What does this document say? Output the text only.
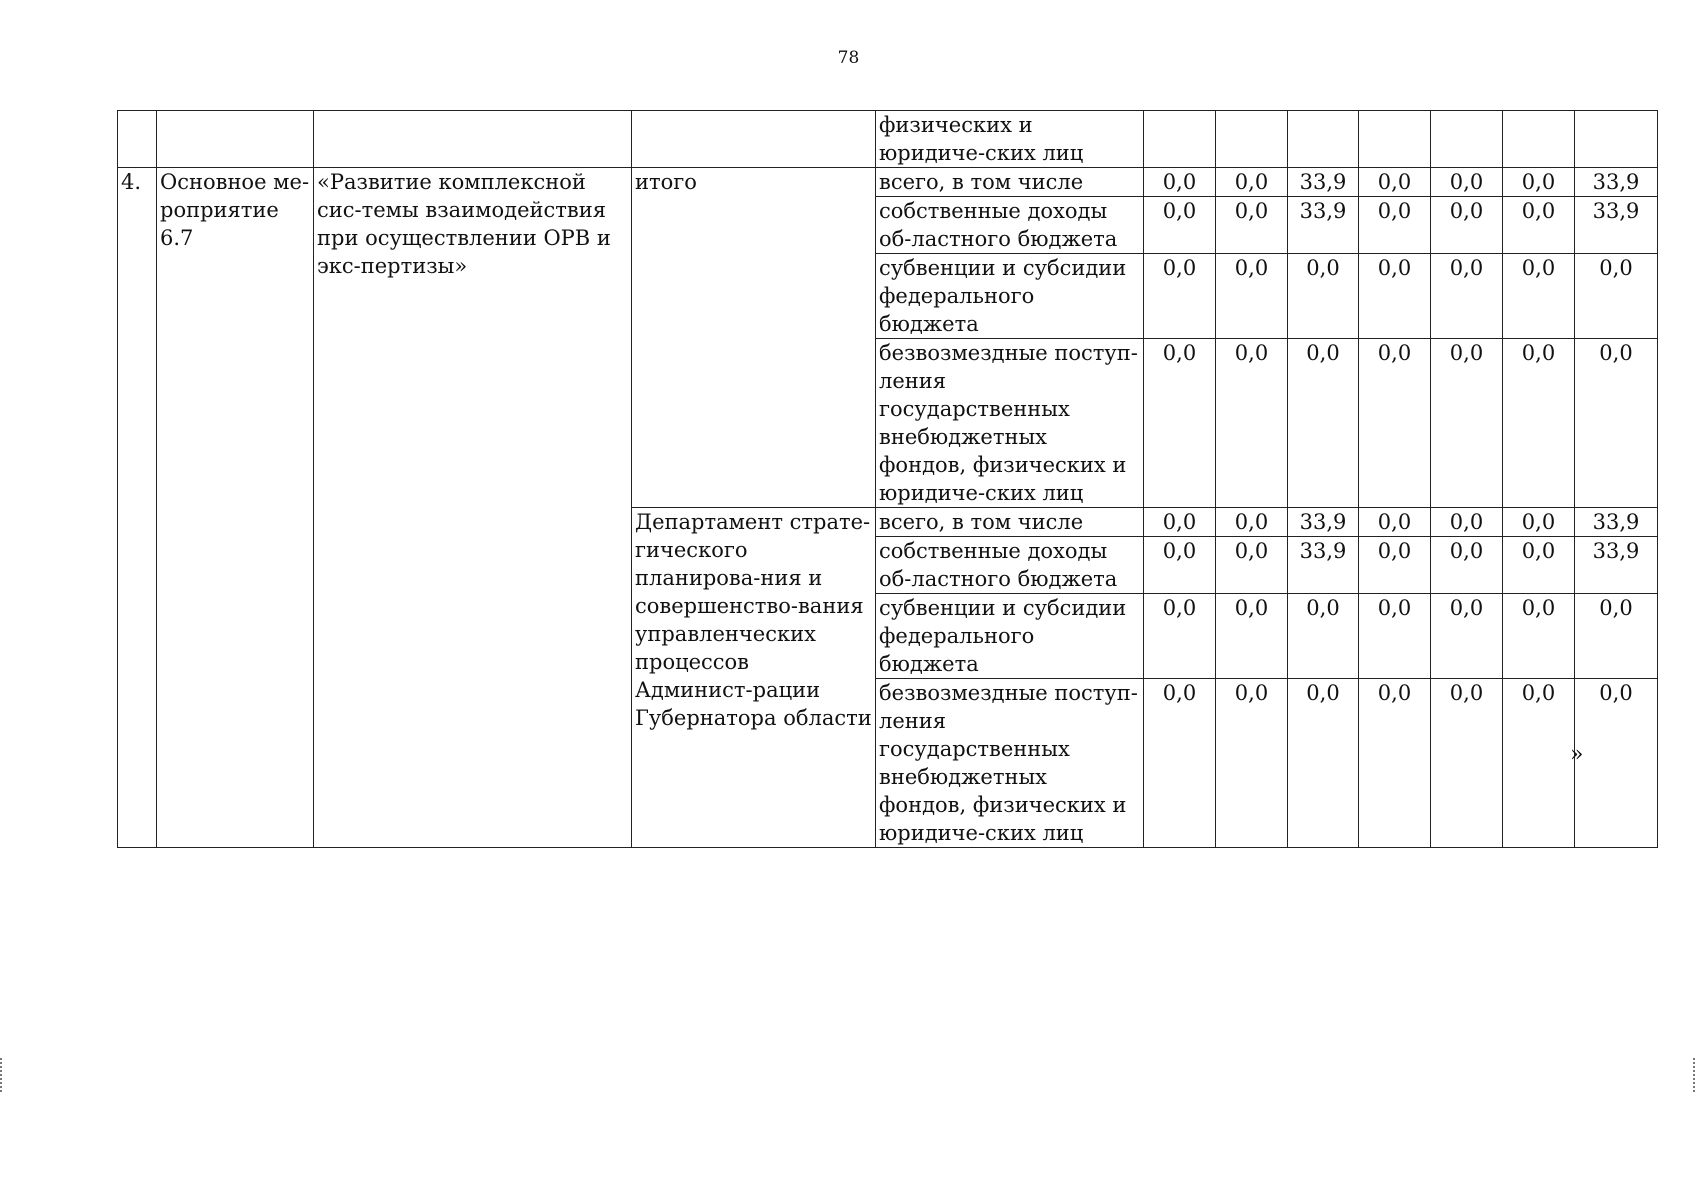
78
				физических и юридиче-ских лиц							
4.	Основное ме-роприятие 6.7	«Развитие комплексной сис-темы взаимодействия при осуществлении ОРВ и экс-пертизы»	итого	всего, в том числе	0,0	0,0	33,9	0,0	0,0	0,0	33,9
				собственные доходы об-ластного бюджета	0,0	0,0	33,9	0,0	0,0	0,0	33,9
				субвенции и субсидии федерального бюджета	0,0	0,0	0,0	0,0	0,0	0,0	0,0
				безвозмездные поступ-ления государственных внебюджетных фондов, физических и юридиче-ских лиц	0,0	0,0	0,0	0,0	0,0	0,0	0,0
			Департамент страте-гического планирова-ния и совершенство-вания управленческих процессов Админист-рации Губернатора области	всего, в том числе	0,0	0,0	33,9	0,0	0,0	0,0	33,9
				собственные доходы об-ластного бюджета	0,0	0,0	33,9	0,0	0,0	0,0	33,9
				субвенции и субсидии федерального бюджета	0,0	0,0	0,0	0,0	0,0	0,0	0,0
				безвозмездные поступ-ления государственных внебюджетных фондов, физических и юридиче-ских лиц	0,0	0,0	0,0	0,0	0,0	0,0	0,0
»
